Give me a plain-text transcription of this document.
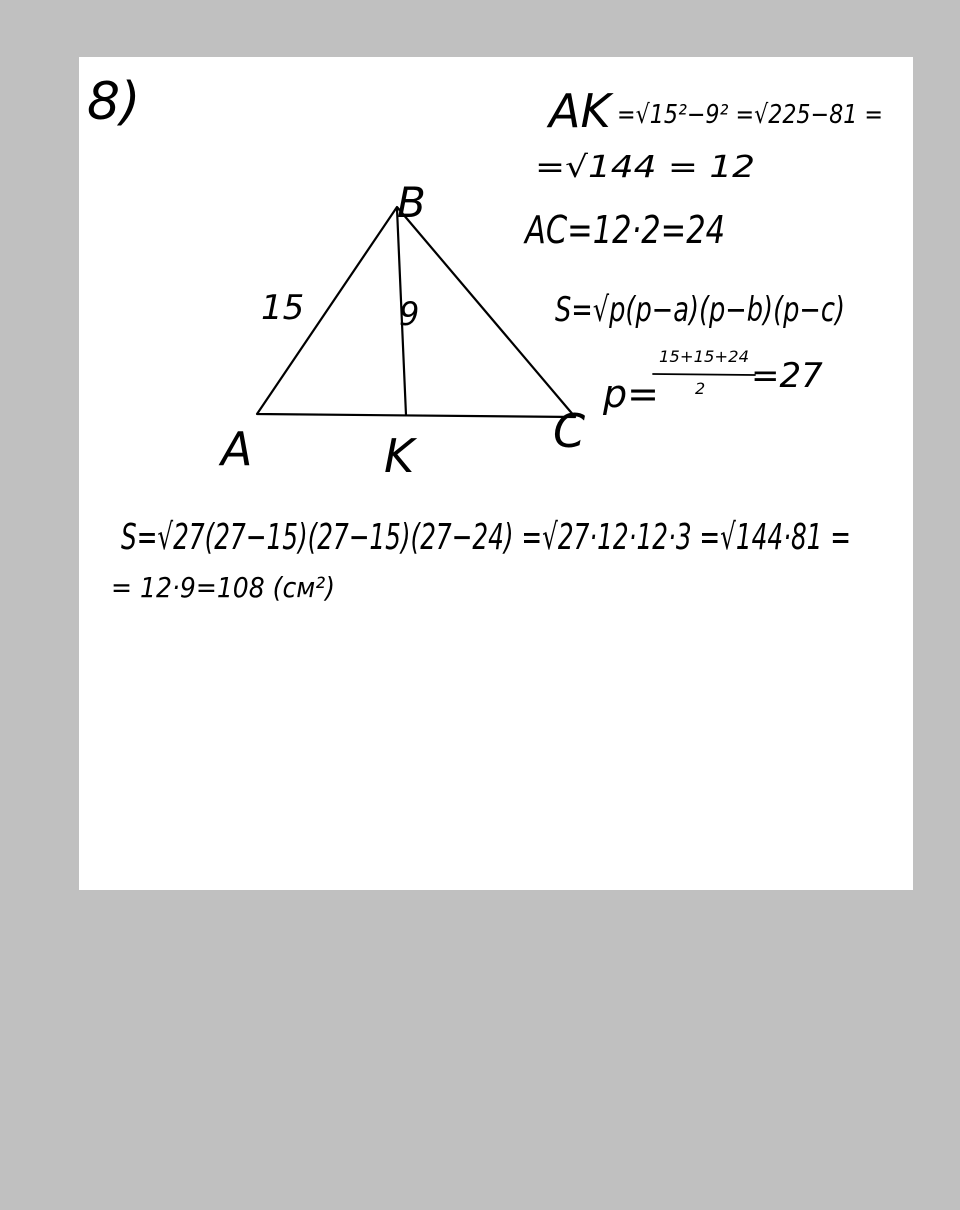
8)
A
B
K	C
15	9
AK =√15²−9² =√225−81 =
=√144 = 12
AC=12·2=24
S=√p(p−a)(p−b)(p−c)
p=
15+15+24
2 =27
S=√27(27−15)(27−15)(27−24) =√27·12·12·3 =√144·81 =
= 12·9=108 (см²)
